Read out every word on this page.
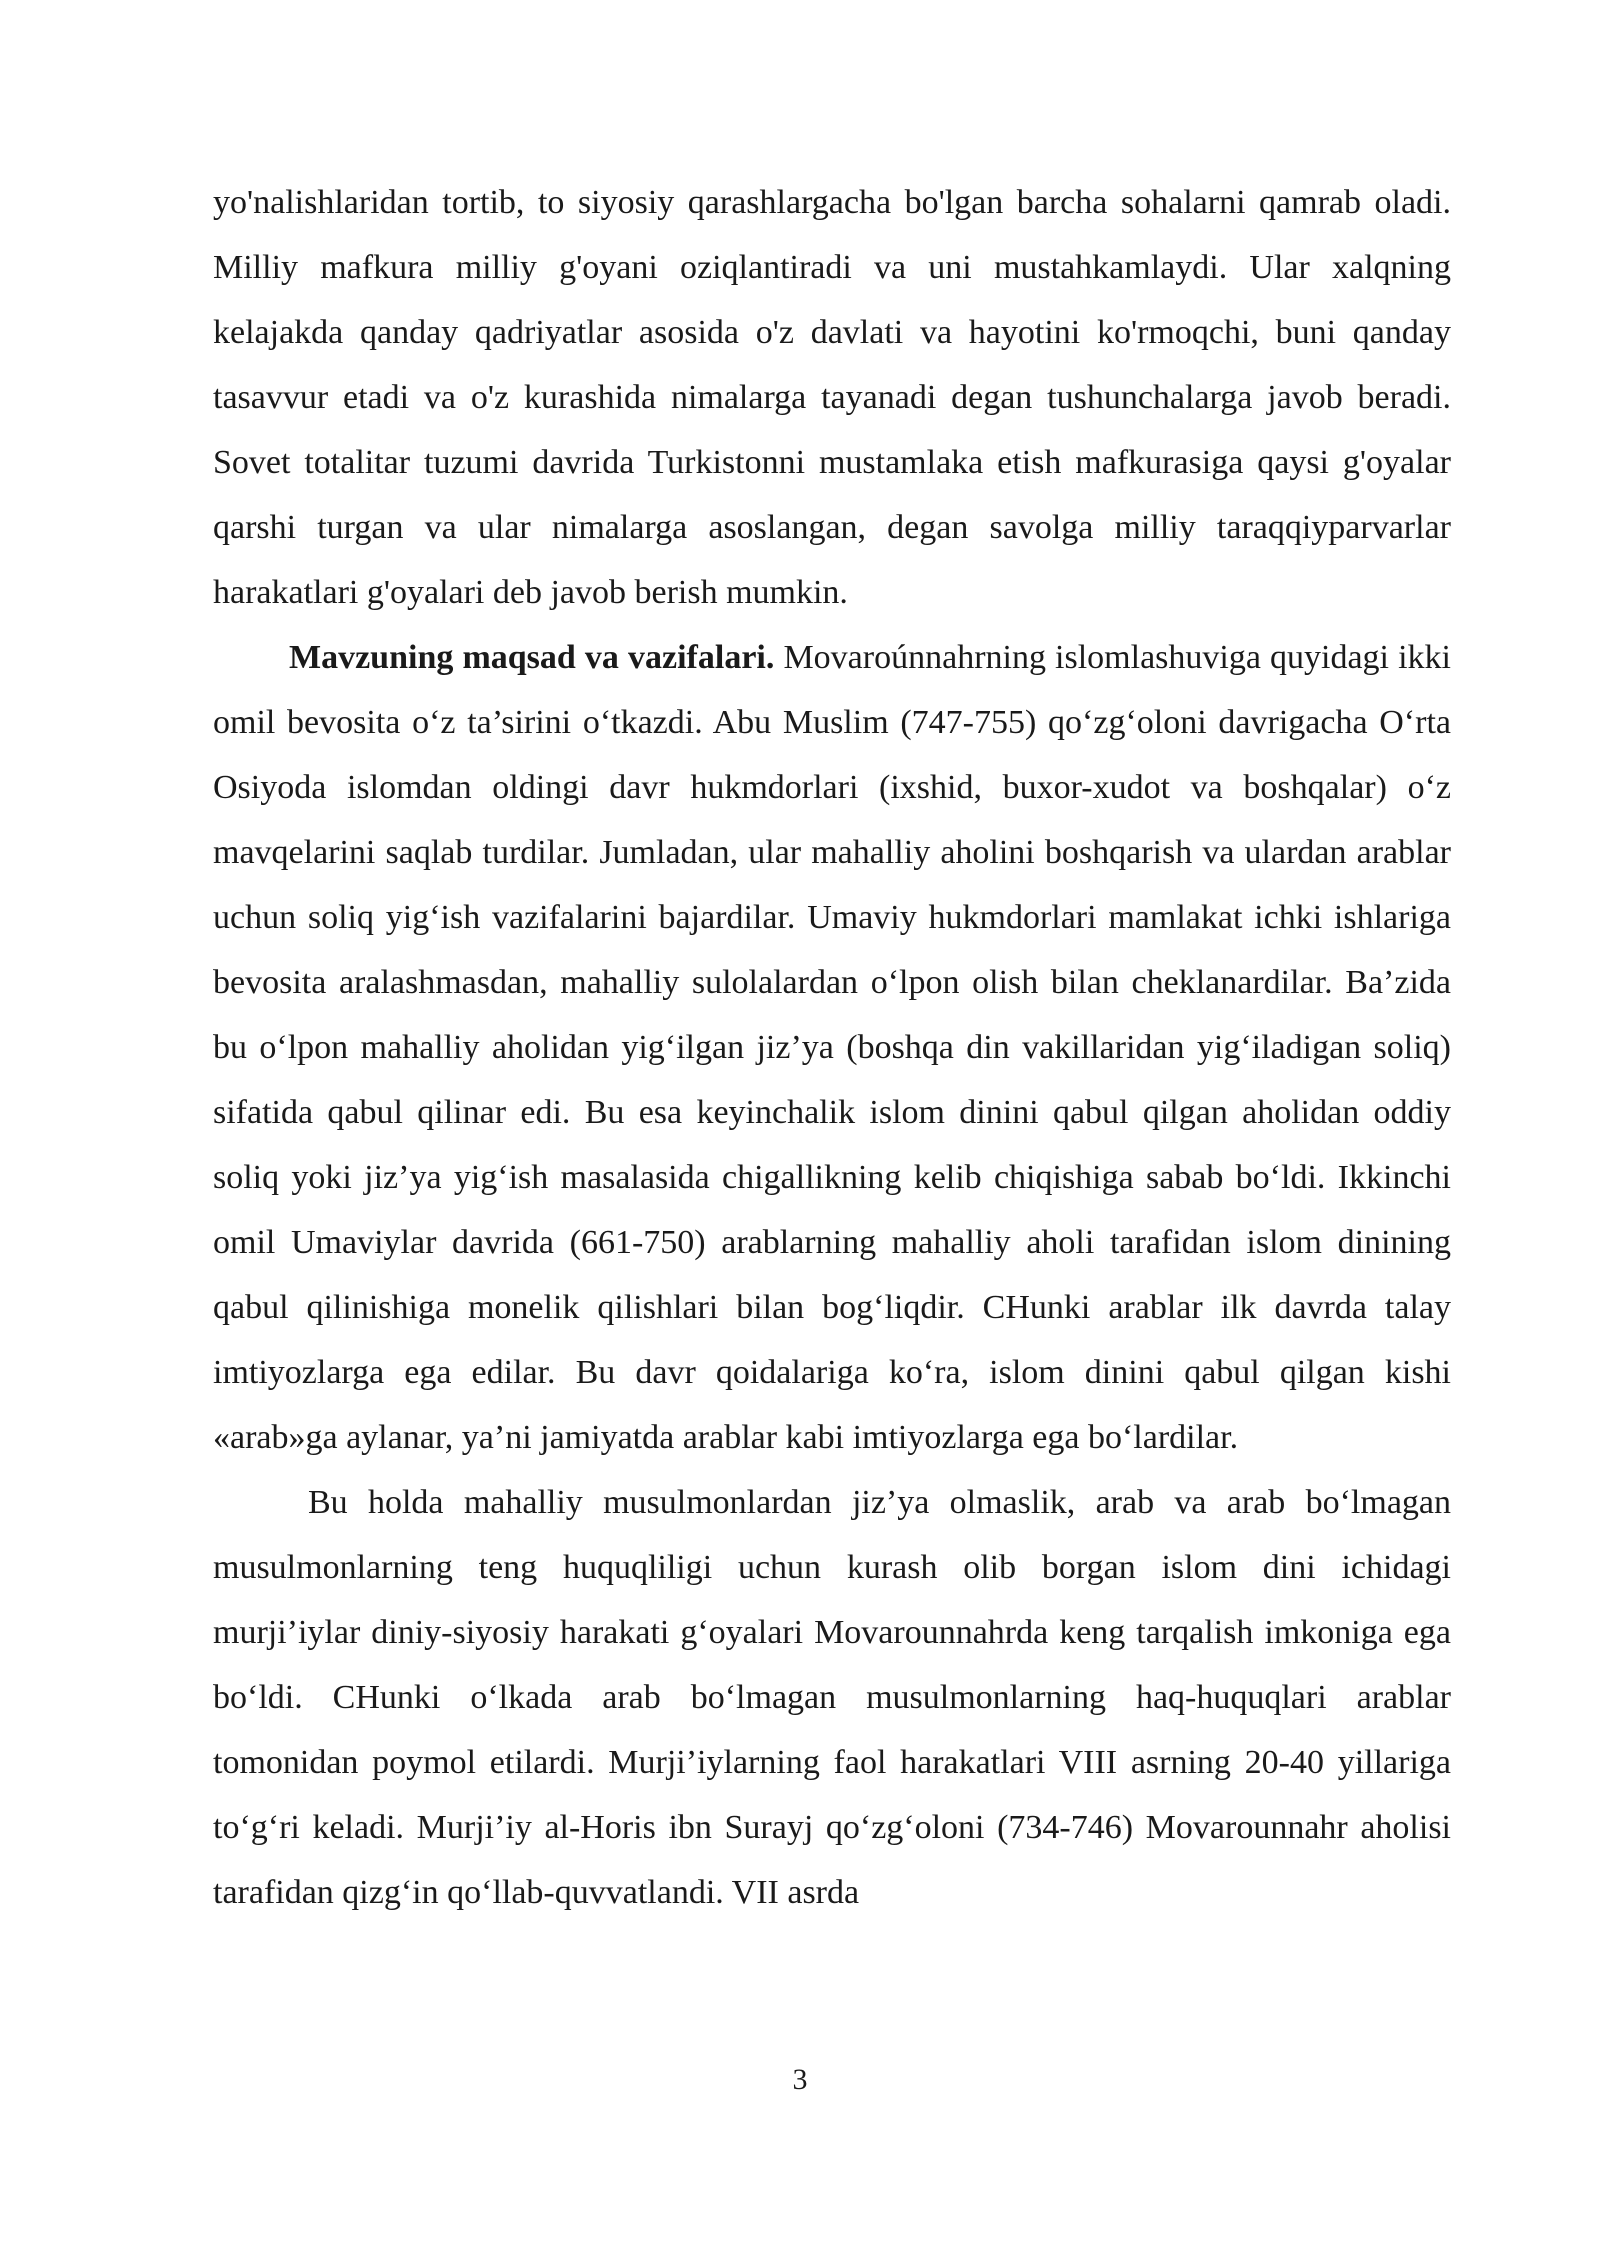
yo'nalishlaridan tortib, to siyosiy qarashlargacha bo'lgan barcha sohalarni qamrab oladi. Milliy mafkura milliy g'oyani oziqlantiradi va uni mustahkamlaydi. Ular xalqning kelajakda qanday qadriyatlar asosida o'z davlati va hayotini ko'rmoqchi, buni qanday tasavvur etadi va o'z kurashida nimalarga tayanadi degan tushunchalarga javob beradi. Sovet totalitar tuzumi davrida Turkistonni mustamlaka etish mafkurasiga qaysi g'oyalar qarshi turgan va ular nimalarga asoslangan, degan savolga milliy taraqqiyparvarlar harakatlari g'oyalari deb javob berish mumkin.

Mavzuning maqsad va vazifalari. Movaroúnnahrning islomlashuviga quyidagi ikki omil bevosita o‘z ta’sirini o‘tkazdi. Abu Muslim (747-755) qo‘zg‘oloni davrigacha O‘rta Osiyoda islomdan oldingi davr hukmdorlari (ixshid, buxor-xudot va boshqalar) o‘z mavqelarini saqlab turdilar. Jumladan, ular mahalliy aholini boshqarish va ulardan arablar uchun soliq yig‘ish vazifalarini bajardilar. Umaviy hukmdorlari mamlakat ichki ishlariga bevosita aralashmasdan, mahalliy sulolalardan o‘lpon olish bilan cheklanardilar. Ba’zida bu o‘lpon mahalliy aholidan yig‘ilgan jiz’ya (boshqa din vakillaridan yig‘iladigan soliq) sifatida qabul qilinar edi. Bu esa keyinchalik islom dinini qabul qilgan aholidan oddiy soliq yoki jiz’ya yig‘ish masalasida chigallikning kelib chiqishiga sabab bo‘ldi. Ikkinchi omil Umaviylar davrida (661-750) arablarning mahalliy aholi tarafidan islom dinining qabul qilinishiga monelik qilishlari bilan bog‘liqdir. CHunki arablar ilk davrda talay imtiyozlarga ega edilar. Bu davr qoidalariga ko‘ra, islom dinini qabul qilgan kishi «arab»ga aylanar, ya’ni jamiyatda arablar kabi imtiyozlarga ega bo‘lardilar.

Bu holda mahalliy musulmonlardan jiz’ya olmaslik, arab va arab bo‘lmagan musulmonlarning teng huquqliligi uchun kurash olib borgan islom dini ichidagi murji’iylar diniy-siyosiy harakati g‘oyalari Movarounnahrda keng tarqalish imkoniga ega bo‘ldi. CHunki o‘lkada arab bo‘lmagan musulmonlarning haq-huquqlari arablar tomonidan poymol etilardi. Murji’iylarning faol harakatlari VIII asrning 20-40 yillariga to‘g‘ri keladi. Murji’iy al-Horis ibn Surayj qo‘zg‘oloni (734-746) Movarounnahr aholisi tarafidan qizg‘in qo‘llab-quvvatlandi. VII asrda

3
